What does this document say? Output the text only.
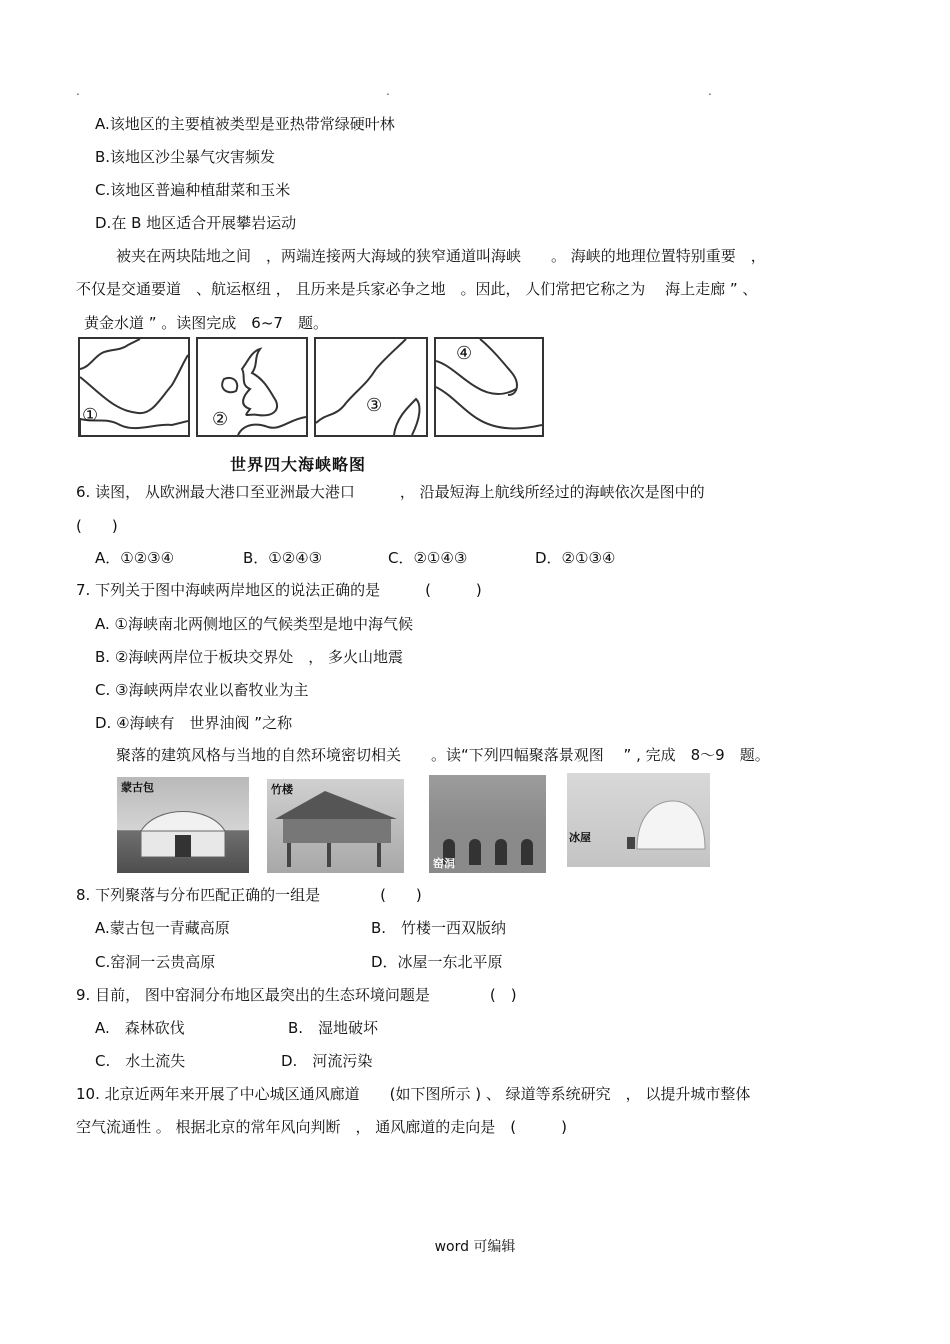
.	.	.
A.该地区的主要植被类型是亚热带常绿硬叶林
B.该地区沙尘暴气灾害频发
C.该地区普遍种植甜菜和玉米
D.在 B 地区适合开展攀岩运动
被夹在两块陆地之间　，两端连接两大海域的狭窄通道叫海峡　　。 海峡的地理位置特别重要　，
不仅是交通要道　、航运枢纽 ， 且历来是兵家必争之地　。因此， 人们常把它称之为　 海上走廊 ” 、
黄金水道 ” 。读图完成　6~7　题。
①	②
③
④
世界四大海峡略图
6. 读图， 从欧洲最大港口至亚洲最大港口　　　， 沿最短海上航线所经过的海峡依次是图中的
(　　)
A．①②③④	B．①②④③	C．②①④③	D．②①③④
7. 下列关于图中海峡两岸地区的说法正确的是　　　(　　　)
A. ①海峡南北两侧地区的气候类型是地中海气候
B. ②海峡两岸位于板块交界处　， 多火山地震
C. ③海峡两岸农业以畜牧业为主
D. ④海峡有　世界油阀 ”之称
聚落的建筑风格与当地的自然环境密切相关　　。读“下列四幅聚落景观图　 ” , 完成　8～9　题。
蒙古包	竹楼
窑洞
冰屋
8. 下列聚落与分布匹配正确的一组是　　　　(　　)
A.蒙古包一青藏高原	B.　竹楼一西双版纳
C.窑洞一云贵高原	D．冰屋一东北平原
9. 目前， 图中窑洞分布地区最突出的生态环境问题是　　　　(　)
A.　森林砍伐	B.　湿地破坏
C.　水土流失	D.　河流污染
10. 北京近两年来开展了中心城区通风廊道　　(如下图所示 ) 、 绿道等系统研究　， 以提升城市整体
空气流通性 。 根据北京的常年风向判断　， 通风廊道的走向是　(　　　)
word 可编辑
